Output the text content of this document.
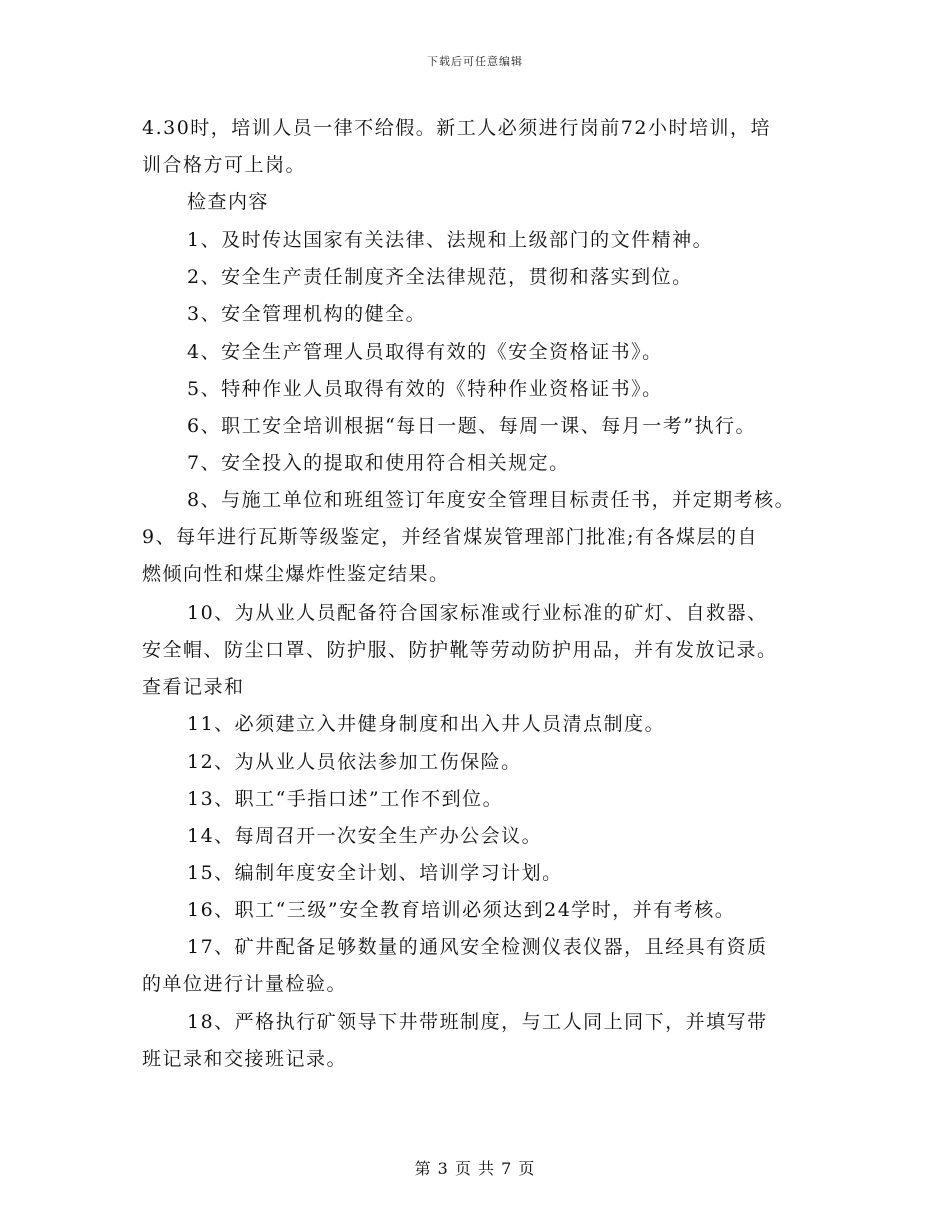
下载后可任意编辑
4.30时，培训人员一律不给假。新工人必须进行岗前72小时培训，培
训合格方可上岗。
检查内容
1、及时传达国家有关法律、法规和上级部门的文件精神。
2、安全生产责任制度齐全法律规范，贯彻和落实到位。
3、安全管理机构的健全。
4、安全生产管理人员取得有效的《安全资格证书》。
5、特种作业人员取得有效的《特种作业资格证书》。
6、职工安全培训根据“每日一题、每周一课、每月一考”执行。
7、安全投入的提取和使用符合相关规定。
8、与施工单位和班组签订年度安全管理目标责任书，并定期考核。
9、每年进行瓦斯等级鉴定，并经省煤炭管理部门批准;有各煤层的自
燃倾向性和煤尘爆炸性鉴定结果。
10、为从业人员配备符合国家标准或行业标准的矿灯、自救器、
安全帽、防尘口罩、防护服、防护靴等劳动防护用品，并有发放记录。
查看记录和
11、必须建立入井健身制度和出入井人员清点制度。
12、为从业人员依法参加工伤保险。
13、职工“手指口述”工作不到位。
14、每周召开一次安全生产办公会议。
15、编制年度安全计划、培训学习计划。
16、职工“三级”安全教育培训必须达到24学时，并有考核。
17、矿井配备足够数量的通风安全检测仪表仪器，且经具有资质
的单位进行计量检验。
18、严格执行矿领导下井带班制度，与工人同上同下，并填写带
班记录和交接班记录。
第 3 页 共 7 页
